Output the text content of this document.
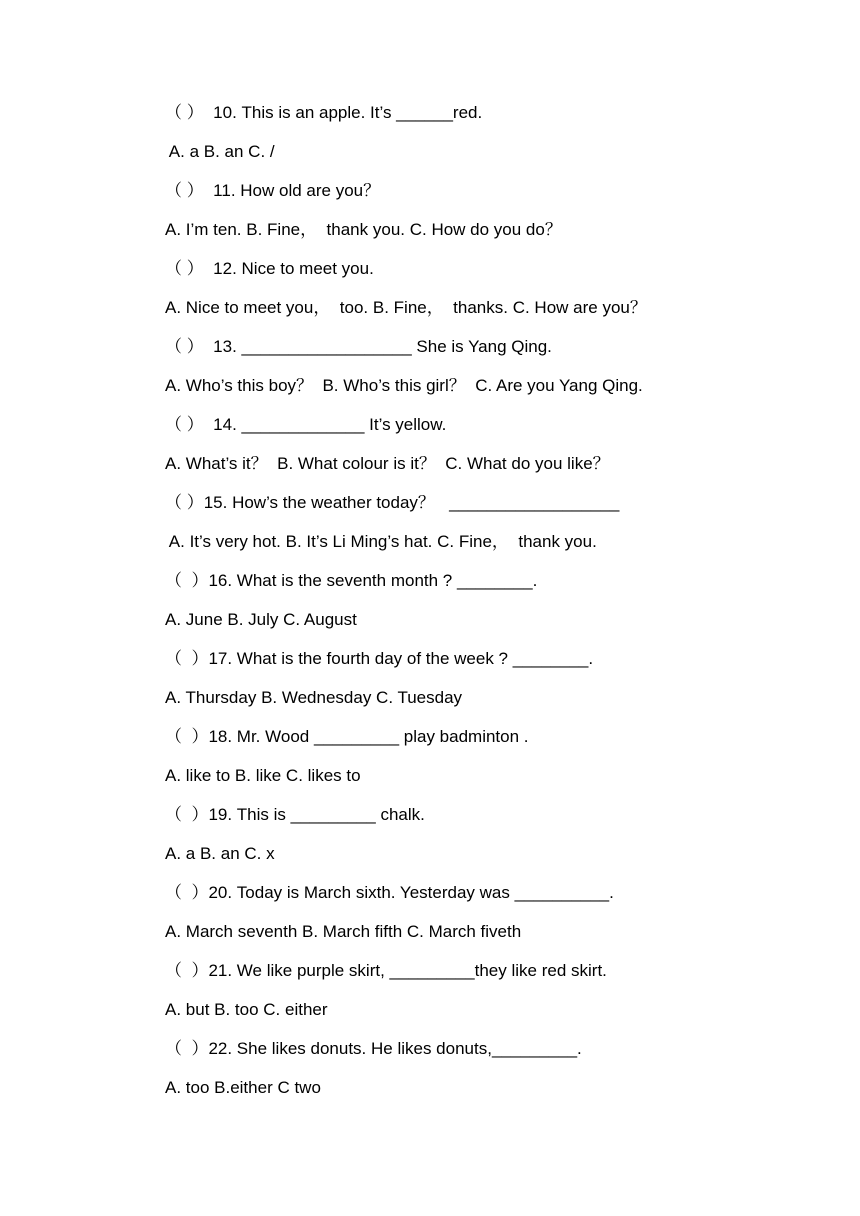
（ ）  10. This is an apple. It’s ______red.
A. a B. an C. /
（ ）  11. How old are you？
A. I’m ten. B. Fine，  thank you. C. How do you do？
（ ）  12. Nice to meet you.
A. Nice to meet you，  too. B. Fine，  thanks. C. How are you？
（ ）  13. __________________ She is Yang Qing.
A. Who’s this boy？  B. Who’s this girl？  C. Are you Yang Qing.
（ ）  14. _____________ It’s yellow.
A. What’s it？  B. What colour is it？  C. What do you like？
（ ）15. How’s the weather today？   __________________
A. It’s very hot. B. It’s Li Ming’s hat. C. Fine，  thank you.
（  ）16. What is the seventh month ? ________.
A. June B. July C. August
（  ）17. What is the fourth day of the week ? ________.
A. Thursday B. Wednesday C. Tuesday
（  ）18. Mr. Wood _________ play badminton .
A. like to B. like C. likes to
（  ）19. This is _________ chalk.
A. a B. an C. x
（  ）20. Today is March sixth. Yesterday was __________.
A. March seventh B. March fifth C. March fiveth
（  ）21. We like purple skirt, _________they like red skirt.
A. but B. too C. either
（  ）22. She likes donuts. He likes donuts,_________.
A. too B.either C two
